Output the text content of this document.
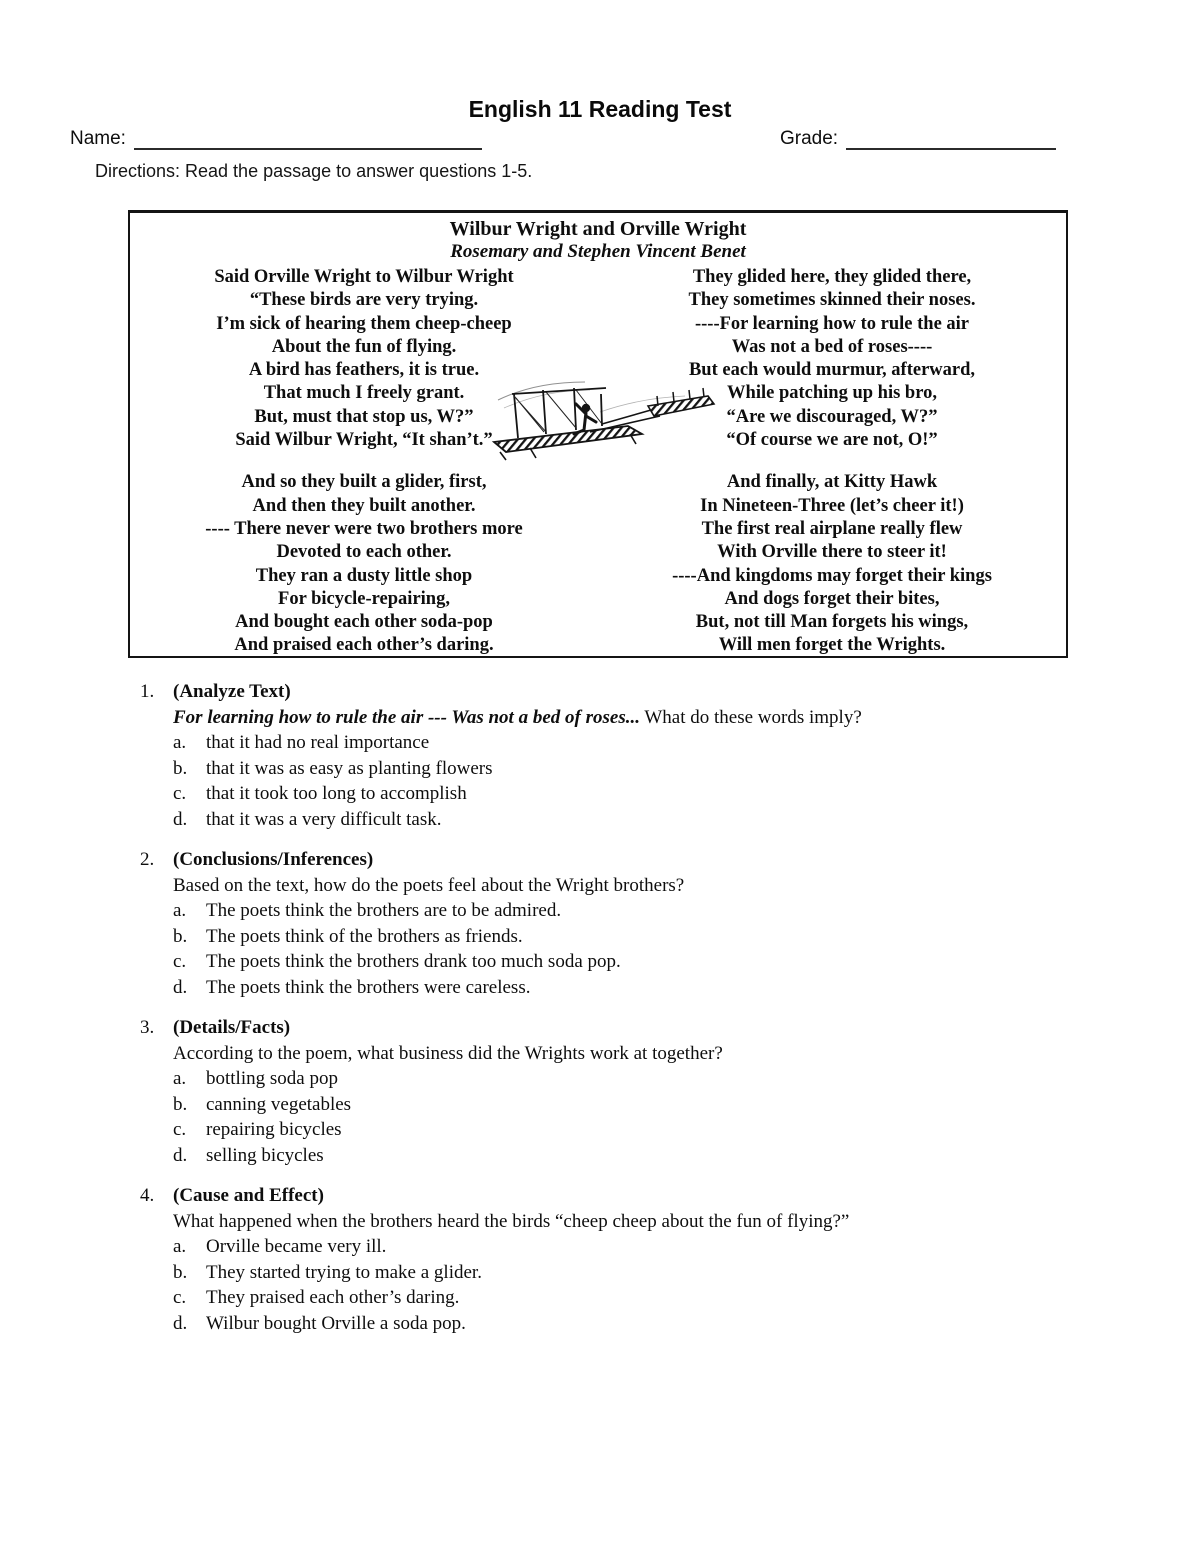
English 11 Reading Test
Name:	Grade:
Directions: Read the passage to answer questions 1-5.
Wilbur Wright and Orville Wright
Rosemary and Stephen Vincent Benet
Said Orville Wright to Wilbur Wright
“These birds are very trying.
I’m sick of hearing them cheep-cheep
About the fun of flying.
A bird has feathers, it is true.
That much I freely grant.
But, must that stop us, W?”
Said Wilbur Wright, “It shan’t.”
And so they built a glider, first,
And then they built another.
---- There never were two brothers more
Devoted to each other.
They ran a dusty little shop
For bicycle-repairing,
And bought each other soda-pop
And praised each other’s daring.
They glided here, they glided there,
They sometimes skinned their noses.
----For learning how to rule the air
Was not a bed of roses----
But each would murmur, afterward,
While patching up his bro,
“Are we discouraged, W?”
“Of course we are not, O!”
And finally, at Kitty Hawk
In Nineteen-Three (let’s cheer it!)
The first real airplane really flew
With Orville there to steer it!
----And kingdoms may forget their kings
And dogs forget their bites,
But, not till Man forgets his wings,
Will men forget the Wrights.
1. (Analyze Text)
For learning how to rule the air --- Was not a bed of roses... What do these words imply?
a.	that it had no real importance
b. that it was as easy as planting flowers
c.	that it took too long to accomplish
d. that it was a very difficult task.
2. (Conclusions/Inferences)
Based on the text, how do the poets feel about the Wright brothers?
a.	The poets think the brothers are to be admired.
b. The poets think of the brothers as friends.
c.	The poets think the brothers drank too much soda pop.
d. The poets think the brothers were careless.
3. (Details/Facts)
According to the poem, what business did the Wrights work at together?
a.	bottling soda pop
b. canning vegetables
c.	repairing bicycles
d. selling bicycles
4. (Cause and Effect)
What happened when the brothers heard the birds “cheep cheep about the fun of flying?”
a.	Orville became very ill.
b. They started trying to make a glider.
c.	They praised each other’s daring.
d. Wilbur bought Orville a soda pop.
